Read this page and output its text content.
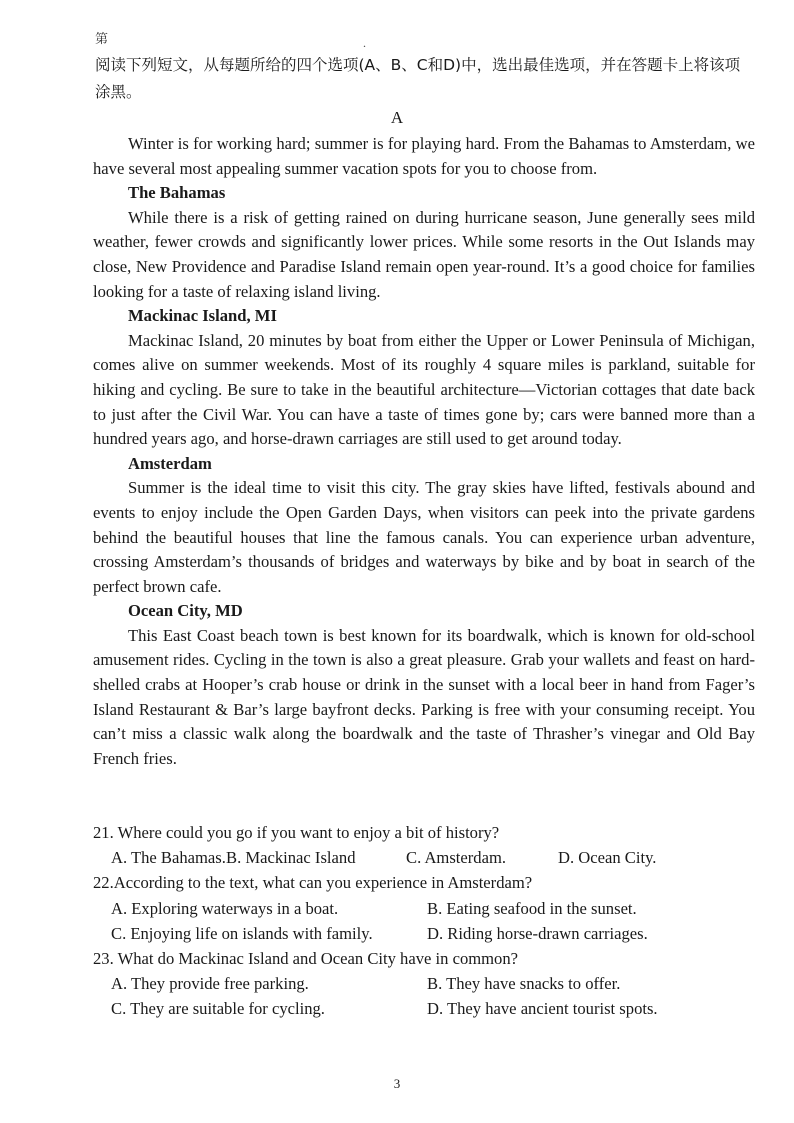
第	.
阅读下列短文，从每题所给的四个选项(A、B、C和D)中，选出最佳选项，并在答题卡上将该项涂黑。
A

Winter is for working hard; summer is for playing hard. From the Bahamas to Amsterdam, we have several most appealing summer vacation spots for you to choose from.

The Bahamas

While there is a risk of getting rained on during hurricane season, June generally sees mild weather, fewer crowds and significantly lower prices. While some resorts in the Out Islands may close, New Providence and Paradise Island remain open year-round. It’s a good choice for families looking for a taste of relaxing island living.

Mackinac Island, MI

Mackinac Island, 20 minutes by boat from either the Upper or Lower Peninsula of Michigan, comes alive on summer weekends. Most of its roughly 4 square miles is parkland, suitable for hiking and cycling. Be sure to take in the beautiful architecture—Victorian cottages that date back to just after the Civil War. You can have a taste of times gone by; cars were banned more than a hundred years ago, and horse-drawn carriages are still used to get around today.

Amsterdam

Summer is the ideal time to visit this city. The gray skies have lifted, festivals abound and events to enjoy include the Open Garden Days, when visitors can peek into the private gardens behind the beautiful houses that line the famous canals. You can experience urban adventure, crossing Amsterdam’s thousands of bridges and waterways by bike and by boat in search of the perfect brown cafe.

Ocean City, MD

This East Coast beach town is best known for its boardwalk, which is known for old-school amusement rides. Cycling in the town is also a great pleasure. Grab your wallets and feast on hard-shelled crabs at Hooper’s crab house or drink in the sunset with a local beer in hand from Fager’s Island Restaurant & Bar’s large bayfront decks. Parking is free with your consuming receipt. You can’t miss a classic walk along the boardwalk and the taste of Thrasher’s vinegar and Old Bay French fries.

21. Where could you go if you want to enjoy a bit of history?
A. The Bahamas. B. Mackinac Island	C. Amsterdam.	D. Ocean City.
22.According to the text, what can you experience in Amsterdam?
A. Exploring waterways in a boat.	B. Eating seafood in the sunset.
C. Enjoying life on islands with family.	D. Riding horse-drawn carriages.
23. What do Mackinac Island and Ocean City have in common?
A. They provide free parking.	B. They have snacks to offer.
C. They are suitable for cycling.	D. They have ancient tourist spots.
3
